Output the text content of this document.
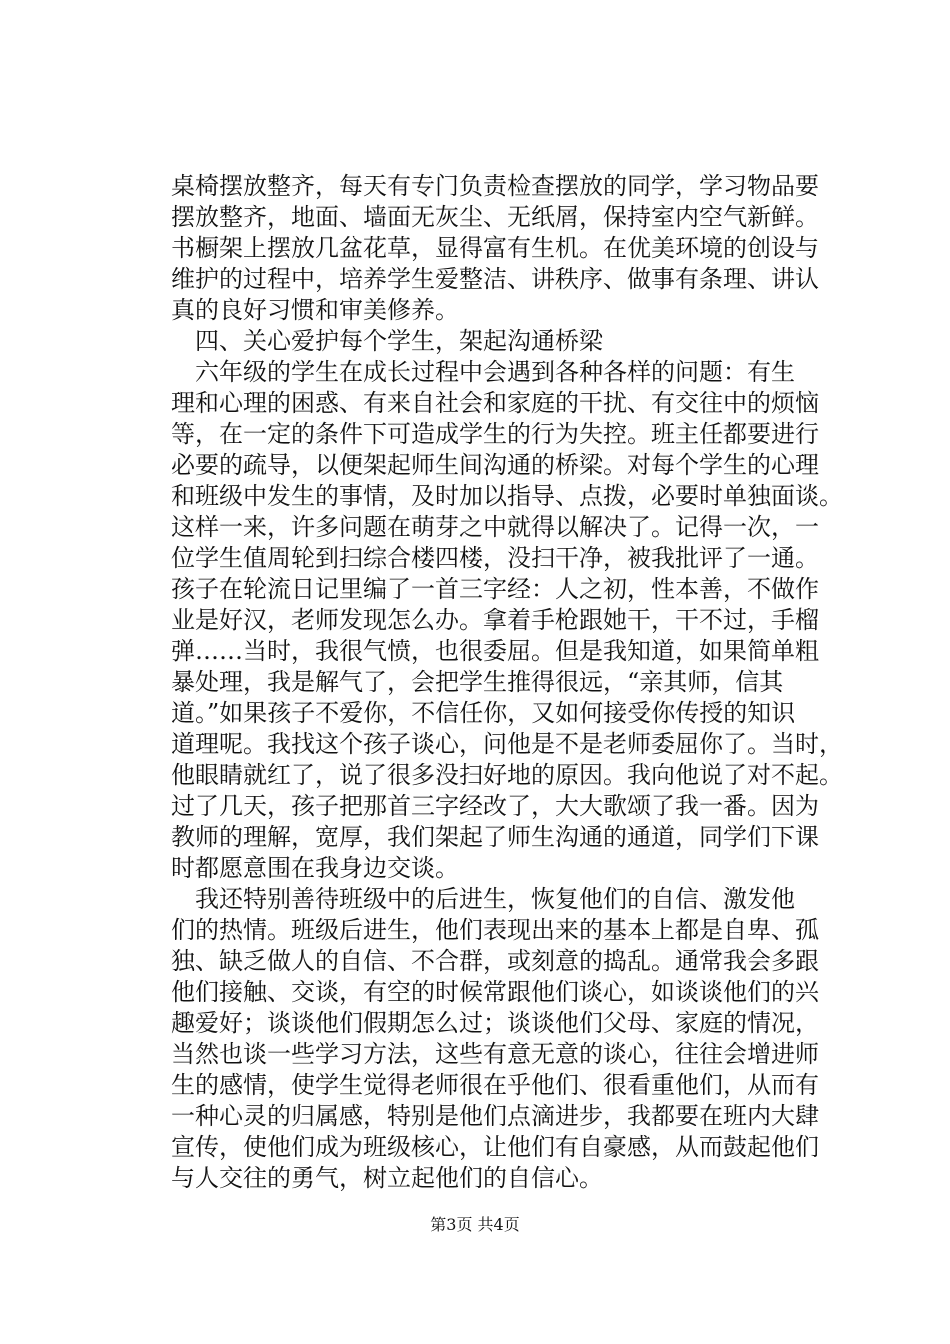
桌椅摆放整齐，每天有专门负责检查摆放的同学，学习物品要
摆放整齐，地面、墙面无灰尘、无纸屑，保持室内空气新鲜。
书橱架上摆放几盆花草，显得富有生机。在优美环境的创设与
维护的过程中，培养学生爱整洁、讲秩序、做事有条理、讲认
真的良好习惯和审美修养。
四、关心爱护每个学生，架起沟通桥梁
六年级的学生在成长过程中会遇到各种各样的问题：有生
理和心理的困惑、有来自社会和家庭的干扰、有交往中的烦恼
等，在一定的条件下可造成学生的行为失控。班主任都要进行
必要的疏导，以便架起师生间沟通的桥梁。对每个学生的心理
和班级中发生的事情，及时加以指导、点拨，必要时单独面谈。
这样一来，许多问题在萌芽之中就得以解决了。记得一次，一
位学生值周轮到扫综合楼四楼，没扫干净，被我批评了一通。
孩子在轮流日记里编了一首三字经：人之初，性本善，不做作
业是好汉，老师发现怎么办。拿着手枪跟她干，干不过，手榴
弹……当时，我很气愤，也很委屈。但是我知道，如果简单粗
暴处理，我是解气了，会把学生推得很远，“亲其师，信其
道。”如果孩子不爱你，不信任你，又如何接受你传授的知识
道理呢。我找这个孩子谈心，问他是不是老师委屈你了。当时，
他眼睛就红了，说了很多没扫好地的原因。我向他说了对不起。
过了几天，孩子把那首三字经改了，大大歌颂了我一番。因为
教师的理解，宽厚，我们架起了师生沟通的通道，同学们下课
时都愿意围在我身边交谈。
我还特别善待班级中的后进生，恢复他们的自信、激发他
们的热情。班级后进生，他们表现出来的基本上都是自卑、孤
独、缺乏做人的自信、不合群，或刻意的捣乱。通常我会多跟
他们接触、交谈，有空的时候常跟他们谈心，如谈谈他们的兴
趣爱好；谈谈他们假期怎么过；谈谈他们父母、家庭的情况，
当然也谈一些学习方法，这些有意无意的谈心，往往会增进师
生的感情，使学生觉得老师很在乎他们、很看重他们，从而有
一种心灵的归属感，特别是他们点滴进步，我都要在班内大肆
宣传，使他们成为班级核心，让他们有自豪感，从而鼓起他们
与人交往的勇气，树立起他们的自信心。
第3页 共4页
